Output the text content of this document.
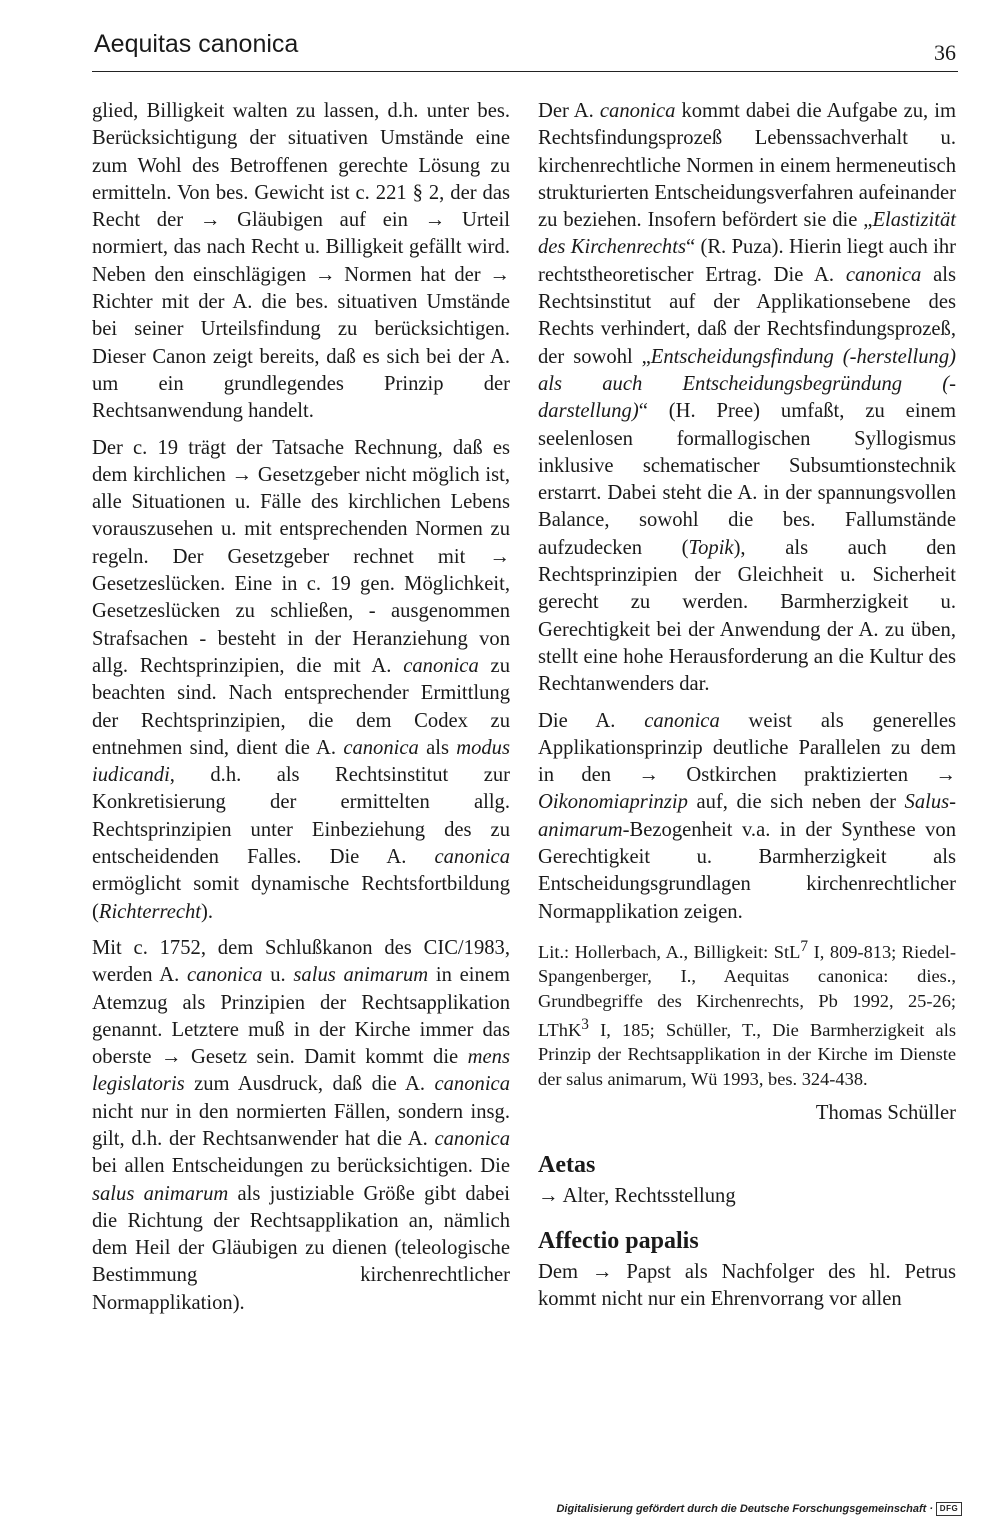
Aequitas canonica	36

glied, Billigkeit walten zu lassen, d.h. unter bes. Berücksichtigung der situativen Umstände eine zum Wohl des Betroffenen gerechte Lösung zu ermitteln. Von bes. Gewicht ist c. 221 § 2, der das Recht der → Gläubigen auf ein → Urteil normiert, das nach Recht u. Billigkeit gefällt wird. Neben den einschlägigen → Normen hat der → Richter mit der A. die bes. situativen Umstände bei seiner Urteilsfindung zu berücksichtigen. Dieser Canon zeigt bereits, daß es sich bei der A. um ein grundlegendes Prinzip der Rechtsanwendung handelt.

Der c. 19 trägt der Tatsache Rechnung, daß es dem kirchlichen → Gesetzgeber nicht möglich ist, alle Situationen u. Fälle des kirchlichen Lebens vorauszusehen u. mit entsprechenden Normen zu regeln. Der Gesetzgeber rechnet mit → Gesetzeslücken. Eine in c. 19 gen. Möglichkeit, Gesetzeslücken zu schließen, - ausgenommen Strafsachen - besteht in der Heranziehung von allg. Rechtsprinzipien, die mit A. canonica zu beachten sind. Nach entsprechender Ermittlung der Rechtsprinzipien, die dem Codex zu entnehmen sind, dient die A. canonica als modus iudicandi, d.h. als Rechtsinstitut zur Konkretisierung der ermittelten allg. Rechtsprinzipien unter Einbeziehung des zu entscheidenden Falles. Die A. canonica ermöglicht somit dynamische Rechtsfortbildung (Richterrecht).

Mit c. 1752, dem Schlußkanon des CIC/1983, werden A. canonica u. salus animarum in einem Atemzug als Prinzipien der Rechtsapplikation genannt. Letztere muß in der Kirche immer das oberste → Gesetz sein. Damit kommt die mens legislatoris zum Ausdruck, daß die A. canonica nicht nur in den normierten Fällen, sondern insg. gilt, d.h. der Rechtsanwender hat die A. canonica bei allen Entscheidungen zu berücksichtigen. Die salus animarum als justiziable Größe gibt dabei die Richtung der Rechtsapplikation an, nämlich dem Heil der Gläubigen zu dienen (teleologische Bestimmung kirchenrechtlicher Normapplikation).

Der A. canonica kommt dabei die Aufgabe zu, im Rechtsfindungsprozeß Lebenssachverhalt u. kirchenrechtliche Normen in einem hermeneutisch strukturierten Entscheidungsverfahren aufeinander zu beziehen. Insofern befördert sie die „Elastizität des Kirchenrechts“ (R. Puza). Hierin liegt auch ihr rechtstheoretischer Ertrag. Die A. canonica als Rechtsinstitut auf der Applikationsebene des Rechts verhindert, daß der Rechtsfindungsprozeß, der sowohl „Entscheidungsfindung (-herstellung) als auch Entscheidungsbegründung (-darstellung)“ (H. Pree) umfaßt, zu einem seelenlosen formallogischen Syllogismus inklusive schematischer Subsumtionstechnik erstarrt. Dabei steht die A. in der spannungsvollen Balance, sowohl die bes. Fallumstände aufzudecken (Topik), als auch den Rechtsprinzipien der Gleichheit u. Sicherheit gerecht zu werden. Barmherzigkeit u. Gerechtigkeit bei der Anwendung der A. zu üben, stellt eine hohe Herausforderung an die Kultur des Rechtanwenders dar.

Die A. canonica weist als generelles Applikationsprinzip deutliche Parallelen zu dem in den → Ostkirchen praktizierten → Oikonomiaprinzip auf, die sich neben der Salus-animarum-Bezogenheit v.a. in der Synthese von Gerechtigkeit u. Barmherzigkeit als Entscheidungsgrundlagen kirchenrechtlicher Normapplikation zeigen.

Lit.: Hollerbach, A., Billigkeit: StL$^7$ I, 809-813; Riedel-Spangenberger, I., Aequitas canonica: dies., Grundbegriffe des Kirchenrechts, Pb 1992, 25-26; LThK$^3$ I, 185; Schüller, T., Die Barmherzigkeit als Prinzip der Rechtsapplikation in der Kirche im Dienste der salus animarum, Wü 1993, bes. 324-438.

Thomas Schüller

Aetas

→ Alter, Rechtsstellung

Affectio papalis

Dem → Papst als Nachfolger des hl. Petrus kommt nicht nur ein Ehrenvorrang vor allen

Digitalisierung gefördert durch die Deutsche Forschungsgemeinschaft · DFG
